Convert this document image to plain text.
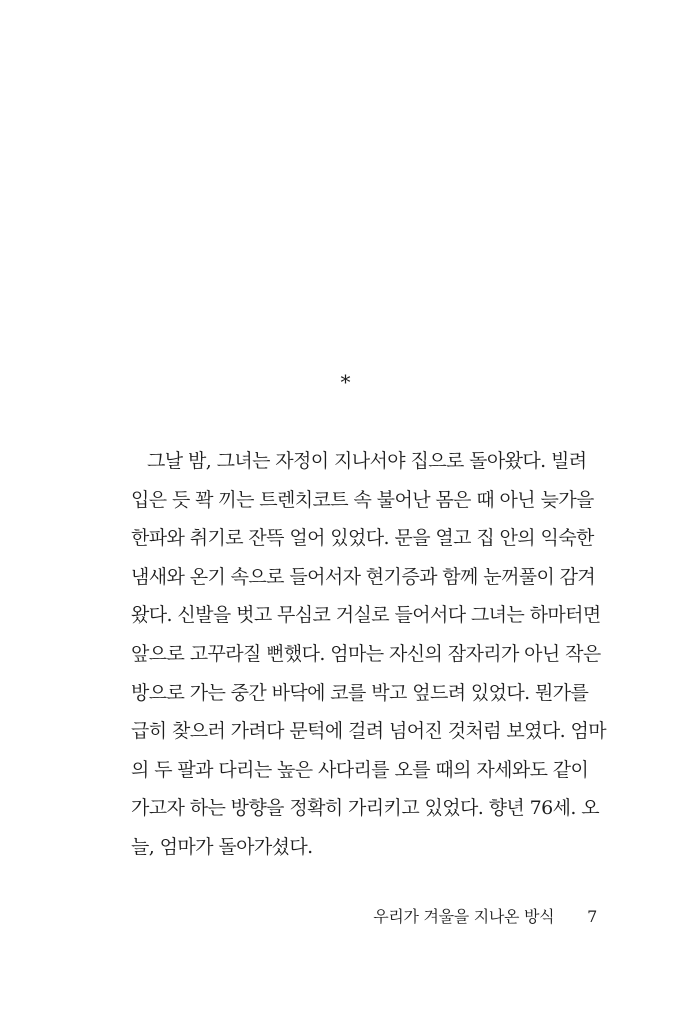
*
그날 밤, 그녀는 자정이 지나서야 집으로 돌아왔다. 빌려
입은 듯 꽉 끼는 트렌치코트 속 불어난 몸은 때 아닌 늦가을
한파와 취기로 잔뜩 얼어 있었다. 문을 열고 집 안의 익숙한
냄새와 온기 속으로 들어서자 현기증과 함께 눈꺼풀이 감겨
왔다. 신발을 벗고 무심코 거실로 들어서다 그녀는 하마터면
앞으로 고꾸라질 뻔했다. 엄마는 자신의 잠자리가 아닌 작은
방으로 가는 중간 바닥에 코를 박고 엎드려 있었다. 뭔가를
급히 찾으러 가려다 문턱에 걸려 넘어진 것처럼 보였다. 엄마
의 두 팔과 다리는 높은 사다리를 오를 때의 자세와도 같이
가고자 하는 방향을 정확히 가리키고 있었다. 향년 76세. 오
늘, 엄마가 돌아가셨다.
우리가 겨울을 지나온 방식 7
